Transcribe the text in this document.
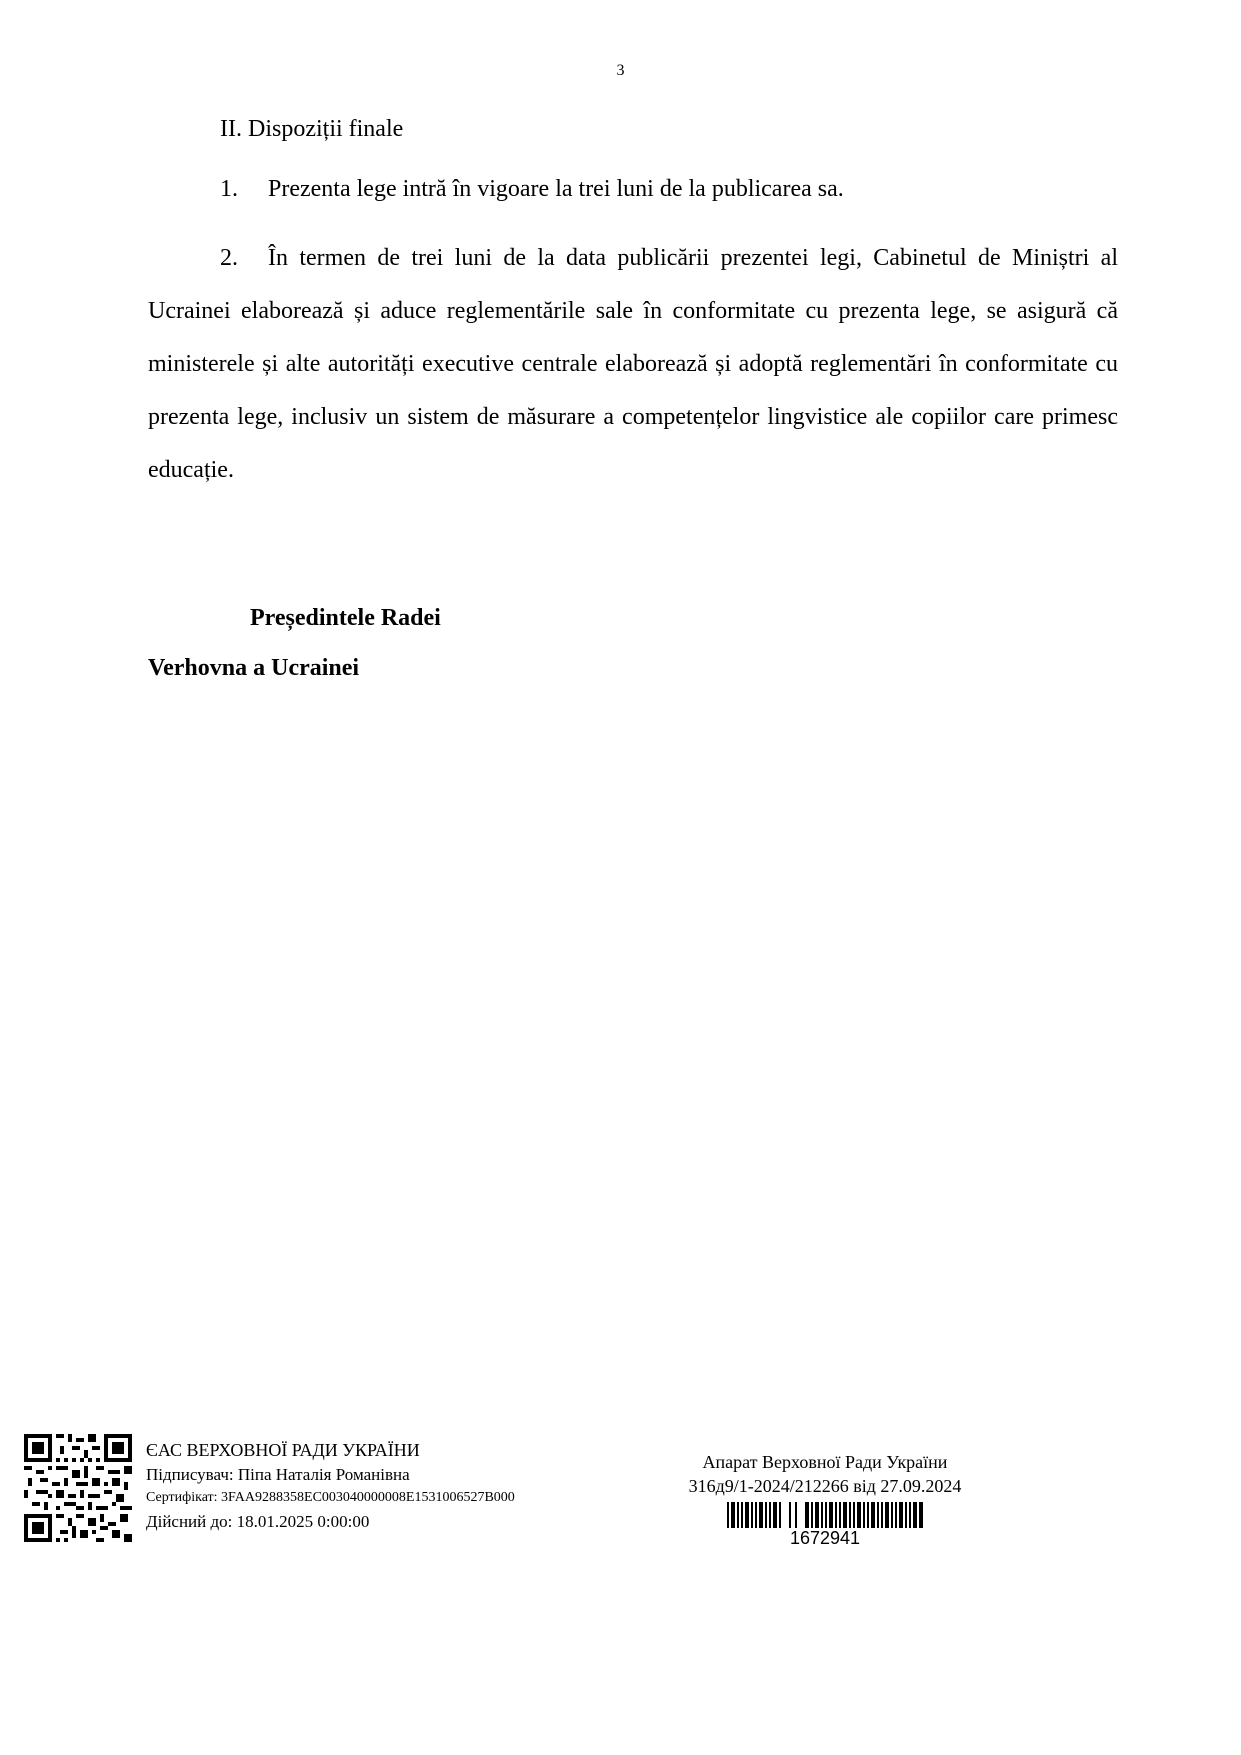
3
II. Dispoziții finale
1. Prezenta lege intră în vigoare la trei luni de la publicarea sa.
2. În termen de trei luni de la data publicării prezentei legi, Cabinetul de Miniștri al Ucrainei elaborează și aduce reglementările sale în conformitate cu prezenta lege, se asigură că ministerele și alte autorități executive centrale elaborează și adoptă reglementări în conformitate cu prezenta lege, inclusiv un sistem de măsurare a competențelor lingvistice ale copiilor care primesc educație.
Președintele Radei
Verhovna a Ucrainei
ЄАС ВЕРХОВНОЇ РАДИ УКРАЇНИ
Підписувач: Піпа Наталія Романівна
Сертифікат: 3FAA9288358EC003040000008E1531006527B000
Дійсний до: 18.01.2025 0:00:00
Апарат Верховної Ради України
316д9/1-2024/212266 від 27.09.2024
1672941
